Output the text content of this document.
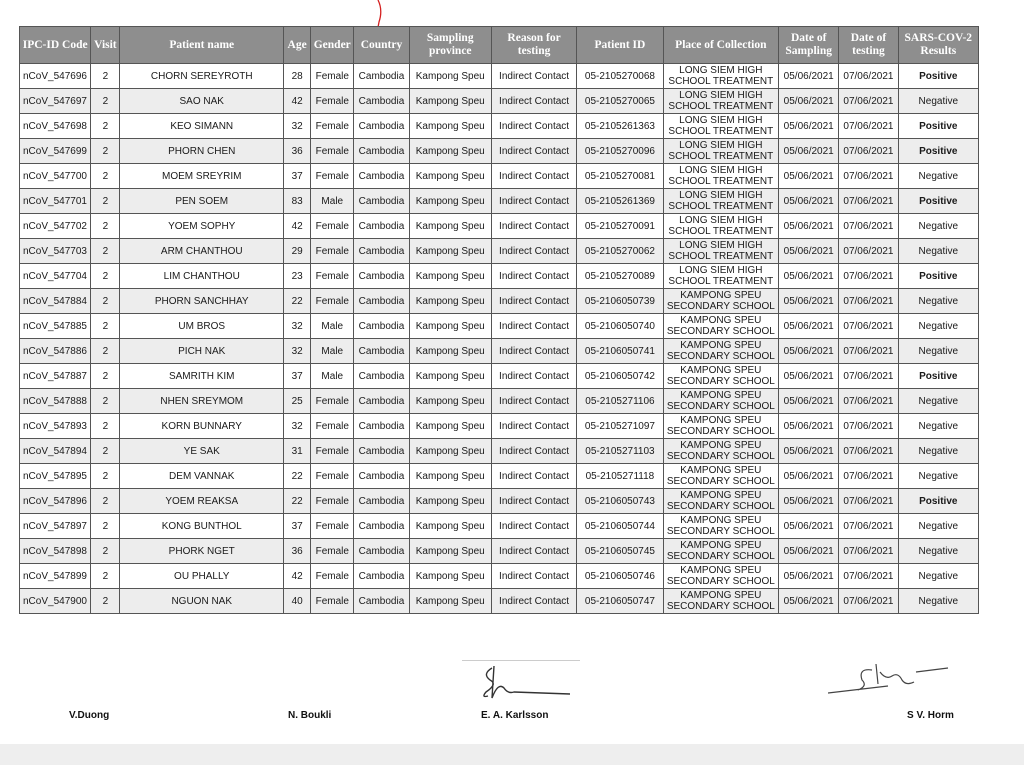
IPC-ID Code	Visit	Patient name	Age	Gender	Country	Sampling province	Reason for testing	Patient ID	Place of Collection	Date of Sampling	Date of testing	SARS-COV-2 Results
nCoV_547696	2	CHORN SEREYROTH	28	Female	Cambodia	Kampong Speu	Indirect Contact	05-2105270068	LONG SIEM HIGH
SCHOOL TREATMENT	05/06/2021	07/06/2021	Positive
nCoV_547697	2	SAO NAK	42	Female	Cambodia	Kampong Speu	Indirect Contact	05-2105270065	LONG SIEM HIGH
SCHOOL TREATMENT	05/06/2021	07/06/2021	Negative
nCoV_547698	2	KEO SIMANN	32	Female	Cambodia	Kampong Speu	Indirect Contact	05-2105261363	LONG SIEM HIGH
SCHOOL TREATMENT	05/06/2021	07/06/2021	Positive
nCoV_547699	2	PHORN CHEN	36	Female	Cambodia	Kampong Speu	Indirect Contact	05-2105270096	LONG SIEM HIGH
SCHOOL TREATMENT	05/06/2021	07/06/2021	Positive
nCoV_547700	2	MOEM SREYRIM	37	Female	Cambodia	Kampong Speu	Indirect Contact	05-2105270081	LONG SIEM HIGH
SCHOOL TREATMENT	05/06/2021	07/06/2021	Negative
nCoV_547701	2	PEN SOEM	83	Male	Cambodia	Kampong Speu	Indirect Contact	05-2105261369	LONG SIEM HIGH
SCHOOL TREATMENT	05/06/2021	07/06/2021	Positive
nCoV_547702	2	YOEM SOPHY	42	Female	Cambodia	Kampong Speu	Indirect Contact	05-2105270091	LONG SIEM HIGH
SCHOOL TREATMENT	05/06/2021	07/06/2021	Negative
nCoV_547703	2	ARM CHANTHOU	29	Female	Cambodia	Kampong Speu	Indirect Contact	05-2105270062	LONG SIEM HIGH
SCHOOL TREATMENT	05/06/2021	07/06/2021	Negative
nCoV_547704	2	LIM CHANTHOU	23	Female	Cambodia	Kampong Speu	Indirect Contact	05-2105270089	LONG SIEM HIGH
SCHOOL TREATMENT	05/06/2021	07/06/2021	Positive
nCoV_547884	2	PHORN SANCHHAY	22	Female	Cambodia	Kampong Speu	Indirect Contact	05-2106050739	KAMPONG SPEU
SECONDARY SCHOOL	05/06/2021	07/06/2021	Negative
nCoV_547885	2	UM BROS	32	Male	Cambodia	Kampong Speu	Indirect Contact	05-2106050740	KAMPONG SPEU
SECONDARY SCHOOL	05/06/2021	07/06/2021	Negative
nCoV_547886	2	PICH NAK	32	Male	Cambodia	Kampong Speu	Indirect Contact	05-2106050741	KAMPONG SPEU
SECONDARY SCHOOL	05/06/2021	07/06/2021	Negative
nCoV_547887	2	SAMRITH KIM	37	Male	Cambodia	Kampong Speu	Indirect Contact	05-2106050742	KAMPONG SPEU
SECONDARY SCHOOL	05/06/2021	07/06/2021	Positive
nCoV_547888	2	NHEN SREYMOM	25	Female	Cambodia	Kampong Speu	Indirect Contact	05-2105271106	KAMPONG SPEU
SECONDARY SCHOOL	05/06/2021	07/06/2021	Negative
nCoV_547893	2	KORN BUNNARY	32	Female	Cambodia	Kampong Speu	Indirect Contact	05-2105271097	KAMPONG SPEU
SECONDARY SCHOOL	05/06/2021	07/06/2021	Negative
nCoV_547894	2	YE SAK	31	Female	Cambodia	Kampong Speu	Indirect Contact	05-2105271103	KAMPONG SPEU
SECONDARY SCHOOL	05/06/2021	07/06/2021	Negative
nCoV_547895	2	DEM VANNAK	22	Female	Cambodia	Kampong Speu	Indirect Contact	05-2105271118	KAMPONG SPEU
SECONDARY SCHOOL	05/06/2021	07/06/2021	Negative
nCoV_547896	2	YOEM REAKSA	22	Female	Cambodia	Kampong Speu	Indirect Contact	05-2106050743	KAMPONG SPEU
SECONDARY SCHOOL	05/06/2021	07/06/2021	Positive
nCoV_547897	2	KONG BUNTHOL	37	Female	Cambodia	Kampong Speu	Indirect Contact	05-2106050744	KAMPONG SPEU
SECONDARY SCHOOL	05/06/2021	07/06/2021	Negative
nCoV_547898	2	PHORK NGET	36	Female	Cambodia	Kampong Speu	Indirect Contact	05-2106050745	KAMPONG SPEU
SECONDARY SCHOOL	05/06/2021	07/06/2021	Negative
nCoV_547899	2	OU PHALLY	42	Female	Cambodia	Kampong Speu	Indirect Contact	05-2106050746	KAMPONG SPEU
SECONDARY SCHOOL	05/06/2021	07/06/2021	Negative
nCoV_547900	2	NGUON NAK	40	Female	Cambodia	Kampong Speu	Indirect Contact	05-2106050747	KAMPONG SPEU
SECONDARY SCHOOL	05/06/2021	07/06/2021	Negative
V.Duong	N. Boukli	E. A. Karlsson	S V. Horm
